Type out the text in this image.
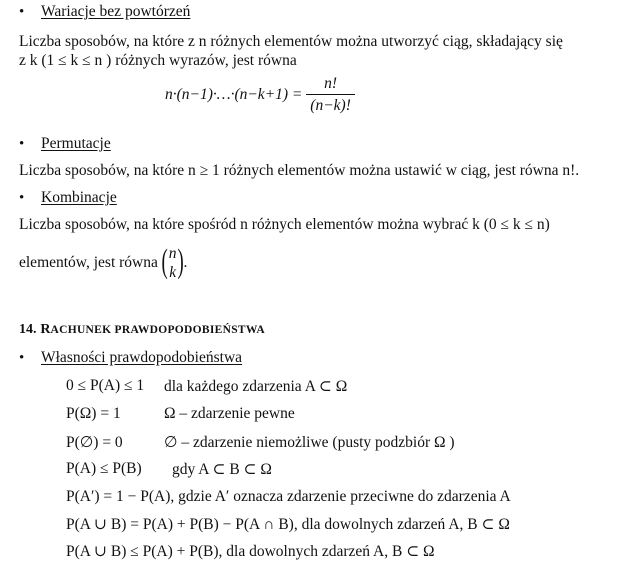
• Wariacje bez powtórzeń
Liczba sposobów, na które z n różnych elementów można utworzyć ciąg, składający się
z k (1 ≤ k ≤ n ) różnych wyrazów, jest równa
n·(n−1)·…·(n−k+1) = $\frac{n!}{(n-k)!}$
• Permutacje
Liczba sposobów, na które n ≥ 1 różnych elementów można ustawić w ciąg, jest równa n!.
• Kombinacje
Liczba sposobów, na które spośród n różnych elementów można wybrać k (0 ≤ k ≤ n)
elementów, jest równa ( n
k ) .
14. RACHUNEK PRAWDOPODOBIEŃSTWA
• Własności prawdopodobieństwa
0 ≤ P(A) ≤ 1 dla każdego zdarzenia A ⊂ Ω
P(Ω) = 1	Ω – zdarzenie pewne
P(∅) = 0	∅ – zdarzenie niemożliwe (pusty podzbiór Ω )
P(A) ≤ P(B) gdy A ⊂ B ⊂ Ω
P(A′) = 1 − P(A), gdzie A′ oznacza zdarzenie przeciwne do zdarzenia A
P(A ∪ B) = P(A) + P(B) − P(A ∩ B), dla dowolnych zdarzeń A, B ⊂ Ω
P(A ∪ B) ≤ P(A) + P(B), dla dowolnych zdarzeń A, B ⊂ Ω
